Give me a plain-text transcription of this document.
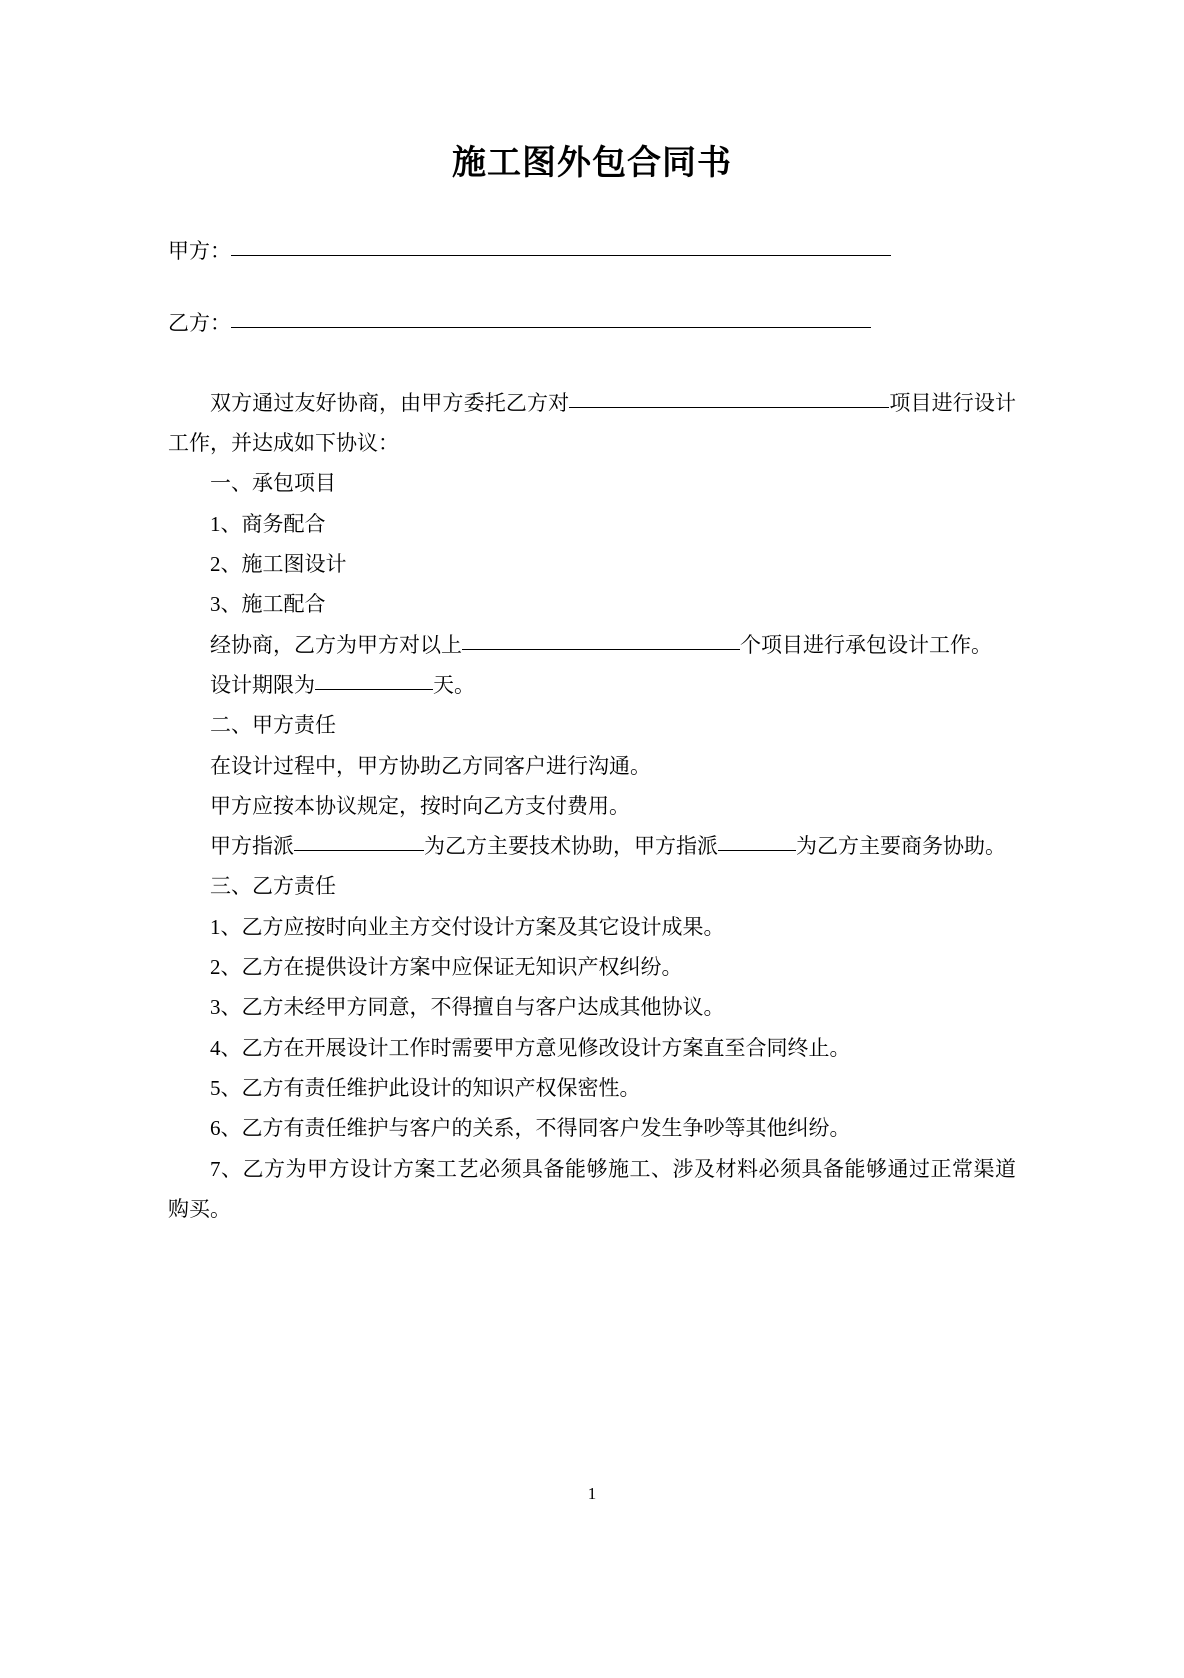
施工图外包合同书
甲方：
乙方：

双方通过友好协商，由甲方委托乙方对	项目进行设计工作，并达成如下协议：

一、承包项目

1、商务配合

2、施工图设计

3、施工配合

经协商，乙方为甲方对以上	个项目进行承包设计工作。

设计期限为	天。

二、甲方责任

在设计过程中，甲方协助乙方同客户进行沟通。

甲方应按本协议规定，按时向乙方支付费用。

甲方指派	为乙方主要技术协助，甲方指派	为乙方主要商务协助。

三、乙方责任

1、乙方应按时向业主方交付设计方案及其它设计成果。

2、乙方在提供设计方案中应保证无知识产权纠纷。

3、乙方未经甲方同意，不得擅自与客户达成其他协议。

4、乙方在开展设计工作时需要甲方意见修改设计方案直至合同终止。

5、乙方有责任维护此设计的知识产权保密性。

6、乙方有责任维护与客户的关系，不得同客户发生争吵等其他纠纷。

7、乙方为甲方设计方案工艺必须具备能够施工、涉及材料必须具备能够通过正常渠道购买。

1
